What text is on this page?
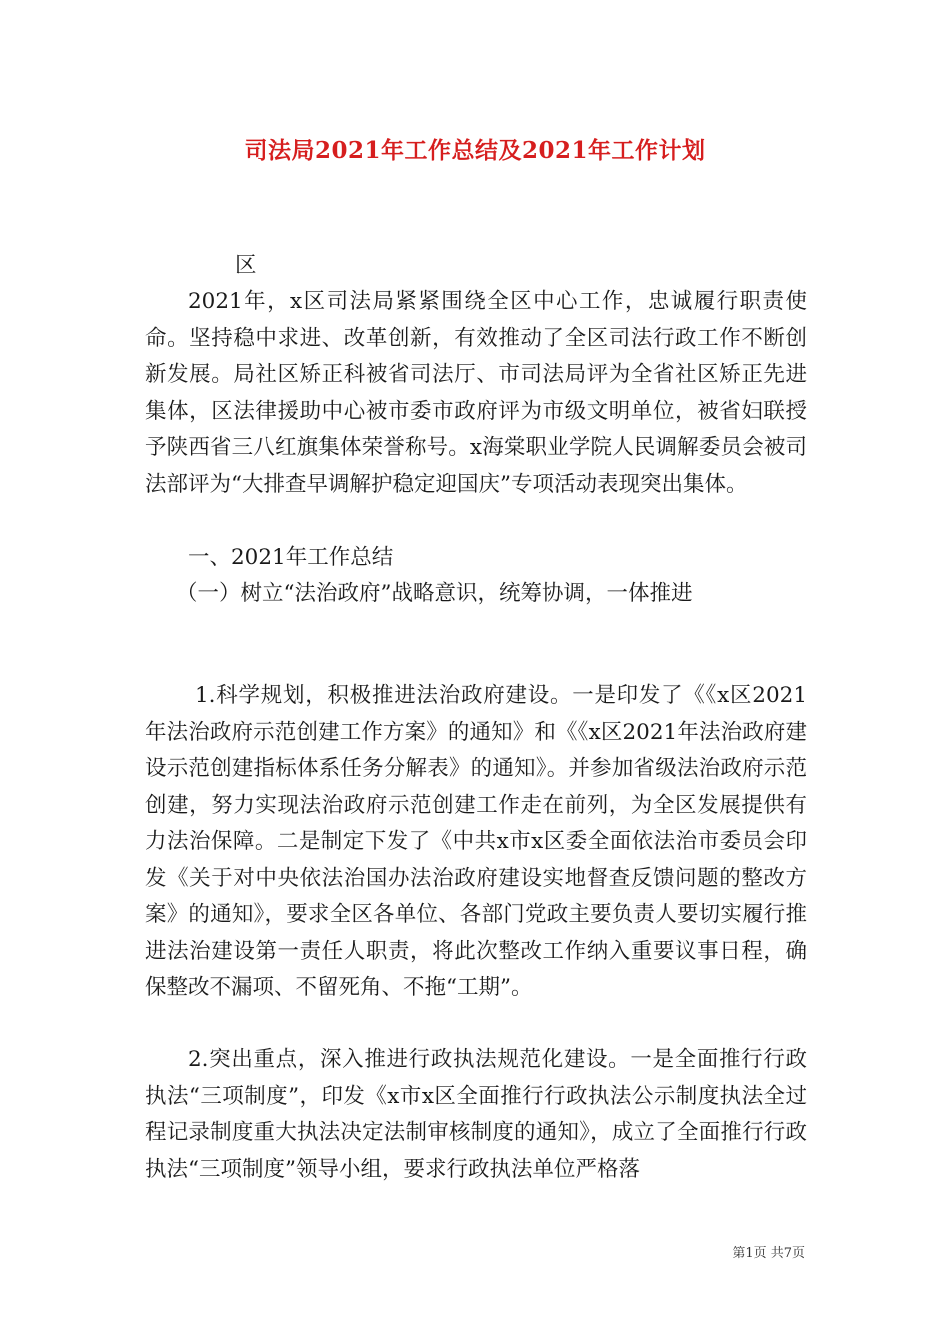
司法局2021年工作总结及2021年工作计划

区

2021年，x区司法局紧紧围绕全区中心工作，忠诚履行职责使命。坚持稳中求进、改革创新，有效推动了全区司法行政工作不断创新发展。局社区矫正科被省司法厅、市司法局评为全省社区矫正先进集体，区法律援助中心被市委市政府评为市级文明单位，被省妇联授予陕西省三八红旗集体荣誉称号。x海棠职业学院人民调解委员会被司法部评为“大排查早调解护稳定迎国庆”专项活动表现突出集体。

一、2021年工作总结

（一）树立“法治政府”战略意识，统筹协调，一体推进

1.科学规划，积极推进法治政府建设。一是印发了《《x区2021年法治政府示范创建工作方案》的通知》和《《x区2021年法治政府建设示范创建指标体系任务分解表》的通知》。并参加省级法治政府示范创建，努力实现法治政府示范创建工作走在前列，为全区发展提供有力法治保障。二是制定下发了《中共x市x区委全面依法治市委员会印发《关于对中央依法治国办法治政府建设实地督查反馈问题的整改方案》的通知》，要求全区各单位、各部门党政主要负责人要切实履行推进法治建设第一责任人职责，将此次整改工作纳入重要议事日程，确保整改不漏项、不留死角、不拖“工期”。

2.突出重点，深入推进行政执法规范化建设。一是全面推行行政执法“三项制度”，印发《x市x区全面推行行政执法公示制度执法全过程记录制度重大执法决定法制审核制度的通知》，成立了全面推行行政执法“三项制度”领导小组，要求行政执法单位严格落

第1页 共7页
